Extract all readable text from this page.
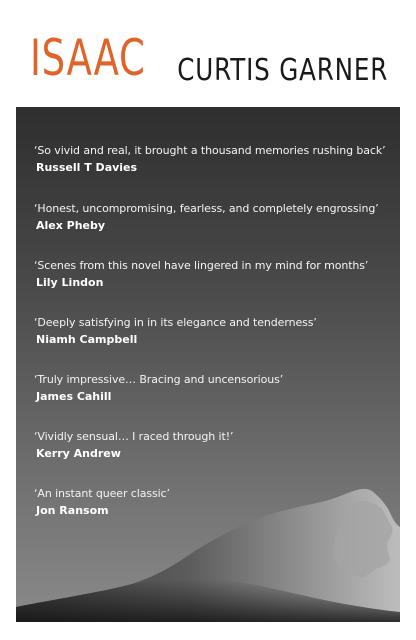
ISAAC CURTIS GARNER
‘So vivid and real, it brought a thousand memories rushing back’
Russell T Davies
‘Honest, uncompromising, fearless, and completely engrossing’
Alex Pheby
‘Scenes from this novel have lingered in my mind for months’
Lily Lindon
‘Deeply satisfying in in its elegance and tenderness’
Niamh Campbell
‘Truly impressive… Bracing and uncensorious’
James Cahill
‘Vividly sensual… I raced through it!’
Kerry Andrew
‘An instant queer classic’
Jon Ransom
